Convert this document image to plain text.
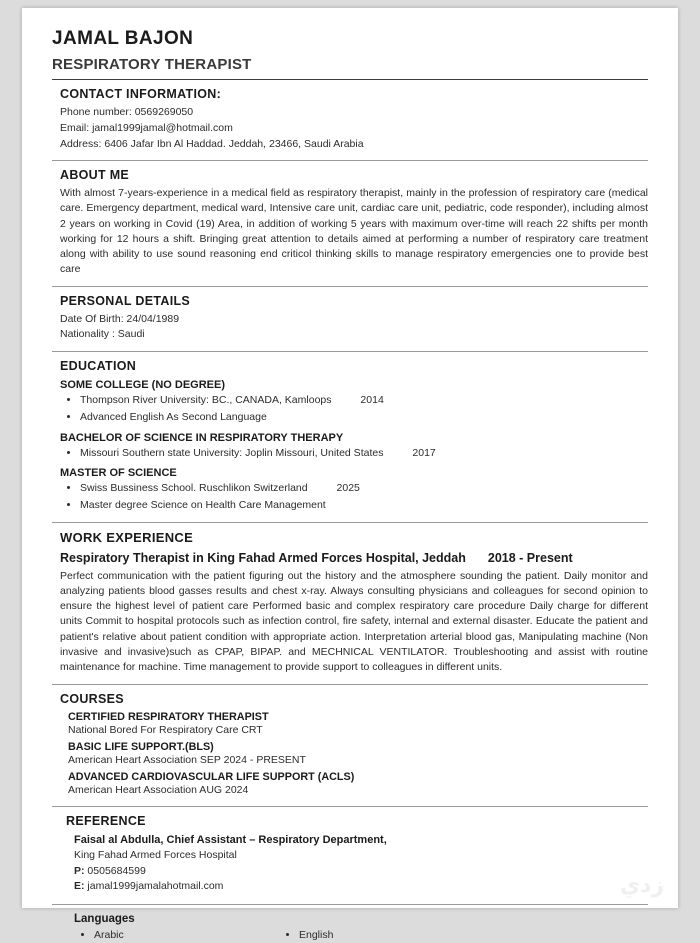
JAMAL BAJON
RESPIRATORY THERAPIST
CONTACT INFORMATION:
Phone number: 0569269050
Email: jamal1999jamal@hotmail.com
Address: 6406 Jafar Ibn Al Haddad. Jeddah, 23466, Saudi Arabia
ABOUT ME
With almost 7-years-experience in a medical field as respiratory therapist, mainly in the profession of respiratory care (medical care. Emergency department, medical ward, Intensive care unit, cardiac care unit, pediatric, code responder), including almost 2 years on working in Covid (19) Area, in addition of working 5 years with maximum over-time will reach 22 shifts per month working for 12 hours a shift. Bringing great attention to details aimed at performing a number of respiratory care treatment along with ability to use sound reasoning end criticol thinking skills to manage respiratory emergencies one to provide best care
PERSONAL DETAILS
Date Of Birth: 24/04/1989
Nationality : Saudi
EDUCATION
SOME COLLEGE (NO DEGREE)
• Thompson River University: BC., CANADA, Kamloops	2014
• Advanced English As Second Language
BACHELOR OF SCIENCE IN RESPIRATORY THERAPY
• Missouri Southern state University: Joplin Missouri, United States	2017
MASTER OF SCIENCE
• Swiss Bussiness School. Ruschlikon Switzerland	2025
• Master degree Science on Health Care Management
WORK EXPERIENCE
Respiratory Therapist in King Fahad Armed Forces Hospital, Jeddah 2018 - Present
Perfect communication with the patient figuring out the history and the atmosphere sounding the patient. Daily monitor and analyzing patients blood gasses results and chest x-ray. Always consulting physicians and colleagues for second opinion to ensure the highest level of patient care Performed basic and complex respiratory care procedure Daily charge for different units Commit to hospital protocols such as infection control, fire safety, internal and external disaster. Educate the patient and patient's relative about patient condition with appropriate action. Interpretation arterial blood gas, Manipulating machine (Non invasive and invasive)such as CPAP, BIPAP. and MECHNICAL VENTILATOR. Troubleshooting and assist with routine maintenance for machine. Time management to provide support to colleagues in different units.
COURSES
CERTIFIED RESPIRATORY THERAPIST
National Bored For Respiratory Care CRT
BASIC LIFE SUPPORT.(BLS)
American Heart Association SEP 2024 - PRESENT
ADVANCED CARDIOVASCULAR LIFE SUPPORT (ACLS)
American Heart Association AUG 2024
REFERENCE
Faisal al Abdulla, Chief Assistant – Respiratory Department,
King Fahad Armed Forces Hospital
P: 0505684599
E: jamal1999jamalahotmail.com
Languages
• Arabic	• English
زدي
